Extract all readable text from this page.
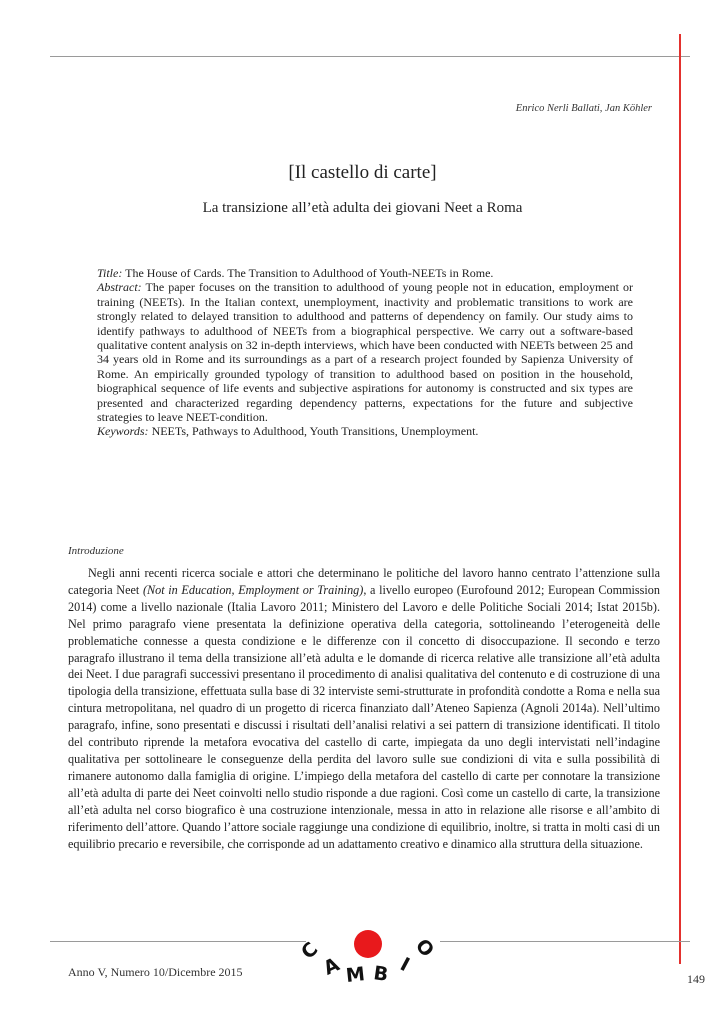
Enrico Nerli Ballati, Jan Köhler
[Il castello di carte]
La transizione all’età adulta dei giovani Neet a Roma

Title: The House of Cards. The Transition to Adulthood of Youth-NEETs in Rome.

Abstract: The paper focuses on the transition to adulthood of young people not in education, employment or training (NEETs). In the Italian context, unemployment, inactivity and problematic transitions to work are strongly related to delayed transition to adulthood and patterns of dependency on family. Our study aims to identify pathways to adulthood of NEETs from a biographical perspective. We carry out a software-based qualitative content analysis on 32 in-depth interviews, which have been conducted with NEETs between 25 and 34 years old in Rome and its surroundings as a part of a research project founded by Sapienza University of Rome. An empirically grounded typology of transition to adulthood based on position in the household, biographical sequence of life events and subjective aspirations for autonomy is constructed and six types are presented and characterized regarding dependency patterns, expectations for the future and subjective strategies to leave NEET-condition.

Keywords: NEETs, Pathways to Adulthood, Youth Transitions, Unemployment.

Introduzione

Negli anni recenti ricerca sociale e attori che determinano le politiche del lavoro hanno centrato l’attenzione sulla categoria Neet (Not in Education, Employment or Training), a livello europeo (Eurofound 2012; European Commission 2014) come a livello nazionale (Italia Lavoro 2011; Ministero del Lavoro e delle Politiche Sociali 2014; Istat 2015b). Nel primo paragrafo viene presentata la definizione operativa della categoria, sottolineando l’eterogeneità delle problematiche connesse a questa condizione e le differenze con il concetto di disoccupazione. Il secondo e terzo paragrafo illustrano il tema della transizione all’età adulta e le domande di ricerca relative alle transizione all’età adulta dei Neet. I due paragrafi successivi presentano il procedimento di analisi qualitativa del contenuto e di costruzione di una tipologia della transizione, effettuata sulla base di 32 interviste semi-strutturate in profondità condotte a Roma e nella sua cintura metropolitana, nel quadro di un progetto di ricerca finanziato dall’Ateneo Sapienza (Agnoli 2014a). Nell’ultimo paragrafo, infine, sono presentati e discussi i risultati dell’analisi relativi a sei pattern di transizione identificati. Il titolo del contributo riprende la metafora evocativa del castello di carte, impiegata da uno degli intervistati nell’indagine qualitativa per sottolineare le conseguenze della perdita del lavoro sulle sue condizioni di vita e sulla possibilità di rimanere autonomo dalla famiglia di origine. L’impiego della metafora del castello di carte per connotare la transizione all’età adulta di parte dei Neet coinvolti nello studio risponde a due ragioni. Così come un castello di carte, la transizione all’età adulta nel corso biografico è una costruzione intenzionale, messa in atto in relazione alle risorse e all’ambito di riferimento dell’attore. Quando l’attore sociale raggiunge una condizione di equilibrio, inoltre, si tratta in molti casi di un equilibrio precario e reversibile, che corrisponde ad un adattamento creativo e dinamico alla struttura della situazione.

Anno V, Numero 10/Dicembre 2015	149
C
A M B I
O
